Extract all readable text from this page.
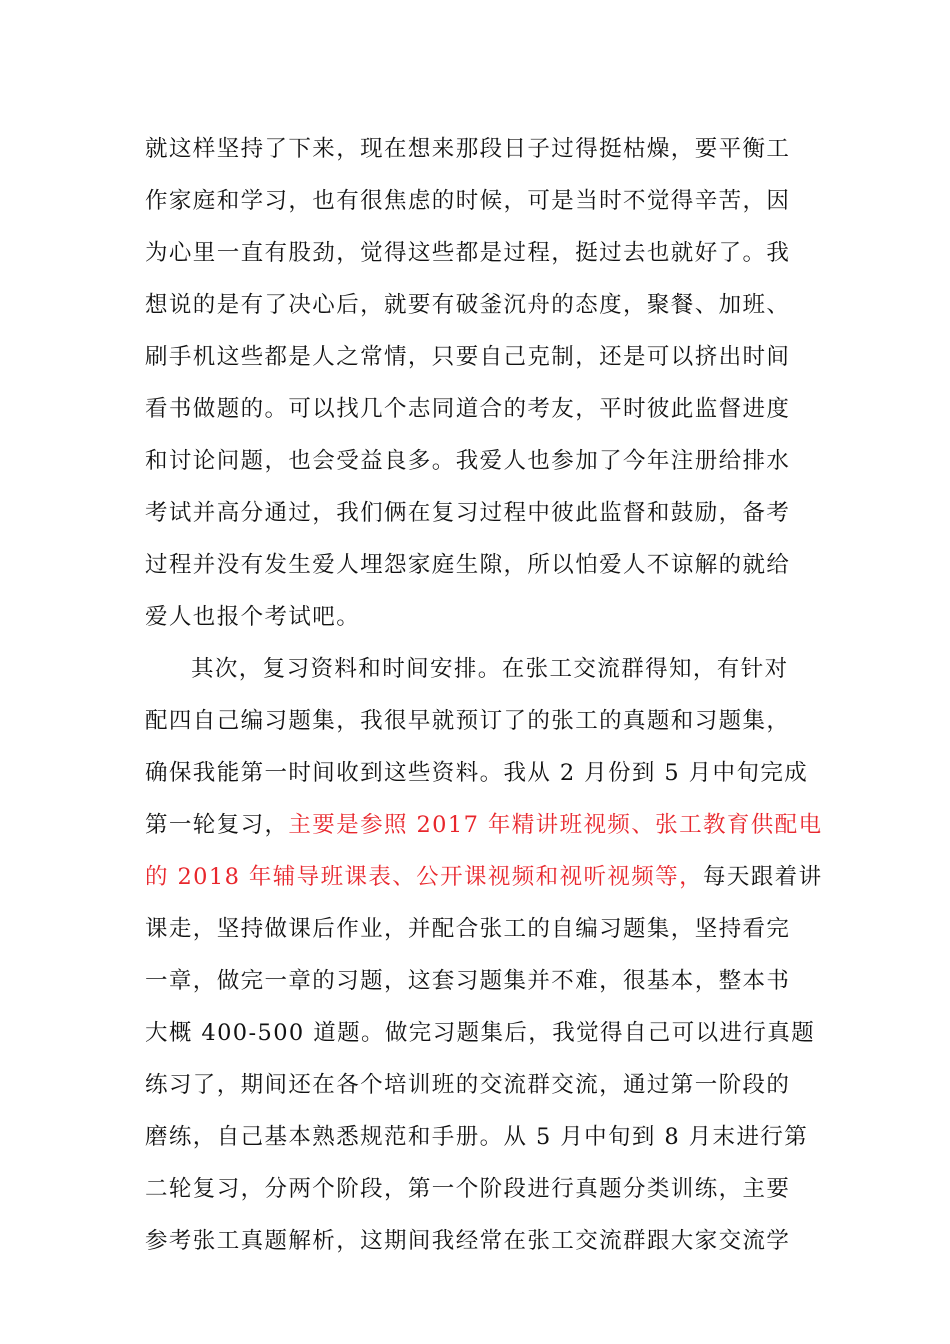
就这样坚持了下来，现在想来那段日子过得挺枯燥，要平衡工
作家庭和学习，也有很焦虑的时候，可是当时不觉得辛苦，因
为心里一直有股劲，觉得这些都是过程，挺过去也就好了。我
想说的是有了决心后，就要有破釜沉舟的态度，聚餐、加班、
刷手机这些都是人之常情，只要自己克制，还是可以挤出时间
看书做题的。可以找几个志同道合的考友，平时彼此监督进度
和讨论问题，也会受益良多。我爱人也参加了今年注册给排水
考试并高分通过，我们俩在复习过程中彼此监督和鼓励，备考
过程并没有发生爱人埋怨家庭生隙，所以怕爱人不谅解的就给
爱人也报个考试吧。
其次，复习资料和时间安排。在张工交流群得知，有针对
配四自己编习题集，我很早就预订了的张工的真题和习题集，
确保我能第一时间收到这些资料。我从 2 月份到 5 月中旬完成
第一轮复习，主要是参照 2017 年精讲班视频、张工教育供配电
的 2018 年辅导班课表、公开课视频和视听视频等，每天跟着讲
课走，坚持做课后作业，并配合张工的自编习题集，坚持看完
一章，做完一章的习题，这套习题集并不难，很基本，整本书
大概 400-500 道题。做完习题集后，我觉得自己可以进行真题
练习了，期间还在各个培训班的交流群交流，通过第一阶段的
磨练，自己基本熟悉规范和手册。从 5 月中旬到 8 月末进行第
二轮复习，分两个阶段，第一个阶段进行真题分类训练，主要
参考张工真题解析，这期间我经常在张工交流群跟大家交流学
